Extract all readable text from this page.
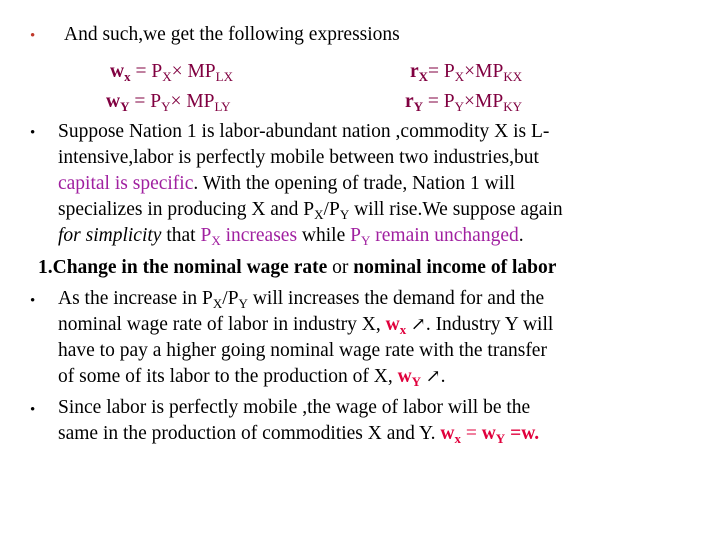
• And such,we get the following expressions
$w_x = P_X\times MP_{LX}$	$r_X= P_X\times MP_{KX}$
$w_Y = P_Y\times MP_{LY}$	$r_Y = P_Y\times MP_{KY}$
• Suppose Nation 1 is labor-abundant nation ,commodity X is L-
intensive,labor is perfectly mobile between two industries,but
capital is specific. With the opening of trade, Nation 1 will
specializes in producing X and $P_X/P_Y$ will rise.We suppose again
for simplicity that $P_X$ increases while $P_Y$ remain unchanged.
1.Change in the nominal wage rate or nominal income of labor
• As the increase in $P_X/P_Y$ will increases the demand for and the
nominal wage rate of labor in industry X, $w_x$ ↗. Industry Y will
have to pay a higher going nominal wage rate with the transfer
of some of its labor to the production of X, $w_Y$ ↗.
• Since labor is perfectly mobile ,the wage of labor will be the
same in the production of commodities X and Y. $w_x = w_Y =w$.
